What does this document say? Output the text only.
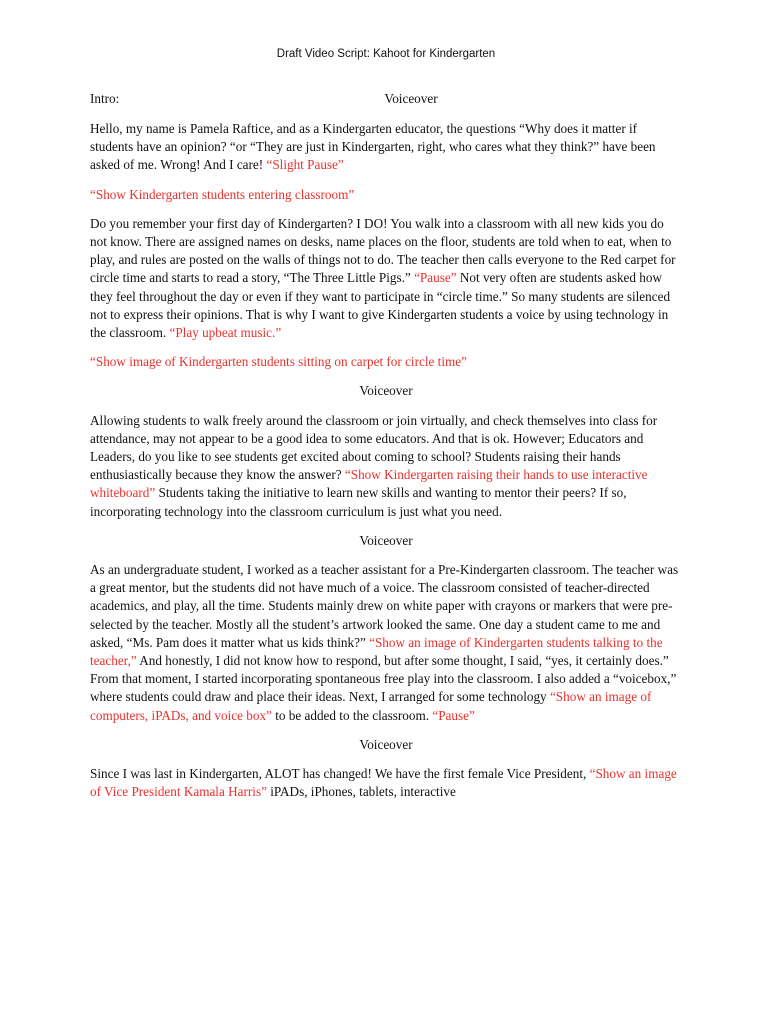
Draft Video Script: Kahoot for Kindergarten
Intro:	Voiceover

Hello, my name is Pamela Raftice, and as a Kindergarten educator, the questions “Why does it matter if students have an opinion? “or “They are just in Kindergarten, right, who cares what they think?” have been asked of me. Wrong! And I care! “Slight Pause”

“Show Kindergarten students entering classroom”

Do you remember your first day of Kindergarten? I DO! You walk into a classroom with all new kids you do not know. There are assigned names on desks, name places on the floor, students are told when to eat, when to play, and rules are posted on the walls of things not to do. The teacher then calls everyone to the Red carpet for circle time and starts to read a story, “The Three Little Pigs.” “Pause” Not very often are students asked how they feel throughout the day or even if they want to participate in “circle time.” So many students are silenced not to express their opinions. That is why I want to give Kindergarten students a voice by using technology in the classroom. “Play upbeat music.”

“Show image of Kindergarten students sitting on carpet for circle time”

Voiceover

Allowing students to walk freely around the classroom or join virtually, and check themselves into class for attendance, may not appear to be a good idea to some educators. And that is ok. However; Educators and Leaders, do you like to see students get excited about coming to school? Students raising their hands enthusiastically because they know the answer? “Show Kindergarten raising their hands to use interactive whiteboard” Students taking the initiative to learn new skills and wanting to mentor their peers? If so, incorporating technology into the classroom curriculum is just what you need.

Voiceover

As an undergraduate student, I worked as a teacher assistant for a Pre-Kindergarten classroom. The teacher was a great mentor, but the students did not have much of a voice. The classroom consisted of teacher-directed academics, and play, all the time. Students mainly drew on white paper with crayons or markers that were pre-selected by the teacher. Mostly all the student’s artwork looked the same. One day a student came to me and asked, “Ms. Pam does it matter what us kids think?” “Show an image of Kindergarten students talking to the teacher,” And honestly, I did not know how to respond, but after some thought, I said, “yes, it certainly does.” From that moment, I started incorporating spontaneous free play into the classroom. I also added a “voicebox,” where students could draw and place their ideas. Next, I arranged for some technology “Show an image of computers, iPADs, and voice box” to be added to the classroom. “Pause”

Voiceover

Since I was last in Kindergarten, ALOT has changed! We have the first female Vice President, “Show an image of Vice President Kamala Harris” iPADs, iPhones, tablets, interactive
